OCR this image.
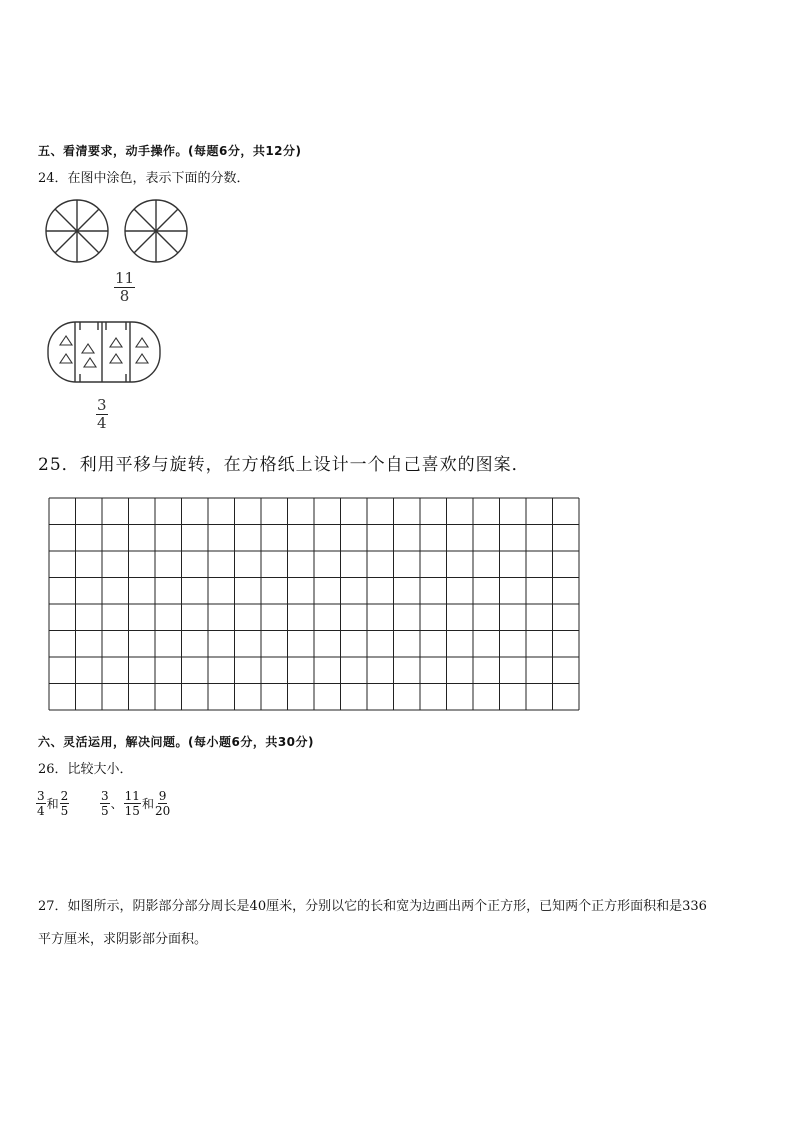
五、看清要求，动手操作。(每题6分，共12分)
24．在图中涂色，表示下面的分数．
$\frac{11}{8}$
$\frac{3}{4}$
25．利用平移与旋转，在方格纸上设计一个自己喜欢的图案．
六、灵活运用，解决问题。(每小题6分，共30分)
26．比较大小．
$\frac{3}{4}$ 和 $\frac{2}{5}$	$\frac{3}{5}$ 、 $\frac{11}{15}$ 和 $\frac{9}{20}$
27．如图所示，阴影部分部分周长是40厘米，分别以它的长和宽为边画出两个正方形，已知两个正方形面积和是336
平方厘米，求阴影部分面积。
